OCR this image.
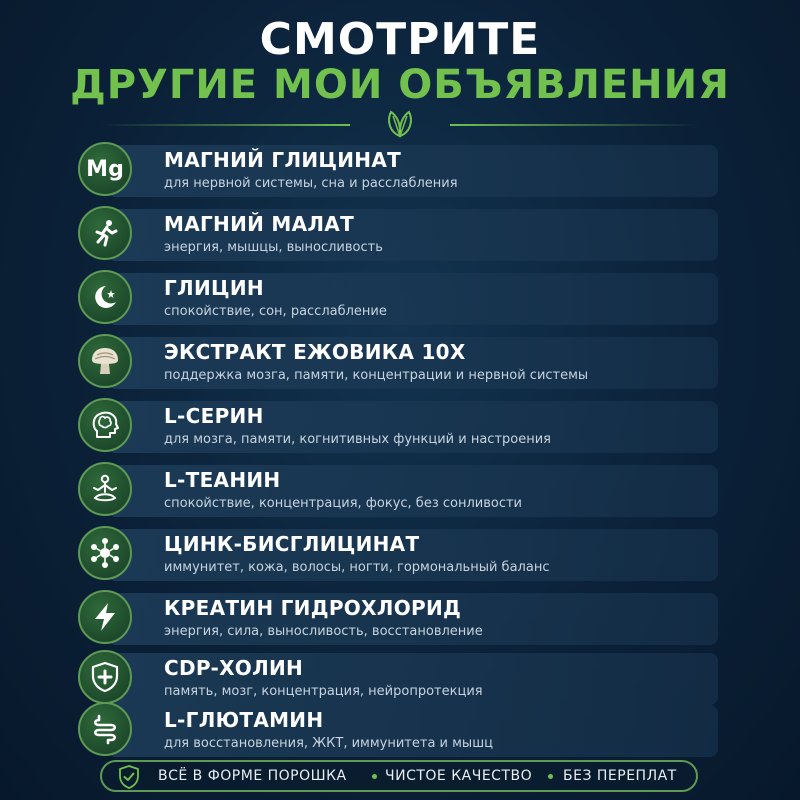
СМОТРИТЕ
ДРУГИЕ МОИ ОБЪЯВЛЕНИЯ
Mg МАГНИЙ ГЛИЦИНАТ
для нервной системы, сна и расслабления
МАГНИЙ МАЛАТ
энергия, мышцы, выносливость
ГЛИЦИН
спокойствие, сон, расслабление
ЭКСТРАКТ ЕЖОВИКА 10Х
поддержка мозга, памяти, концентрации и нервной системы
L-СЕРИН
для мозга, памяти, когнитивных функций и настроения
L-ТЕАНИН
спокойствие, концентрация, фокус, без сонливости
ЦИНК-БИСГЛИЦИНАТ
иммунитет, кожа, волосы, ногти, гормональный баланс
КРЕАТИН ГИДРОХЛОРИД
энергия, сила, выносливость, восстановление
CDP-ХОЛИН
память, мозг, концентрация, нейропротекция
L-ГЛЮТАМИН
для восстановления, ЖКТ, иммунитета и мышц
ВСЁ В ФОРМЕ ПОРОШКА	ЧИСТОЕ КАЧЕСТВО БЕЗ ПЕРЕПЛАТ
